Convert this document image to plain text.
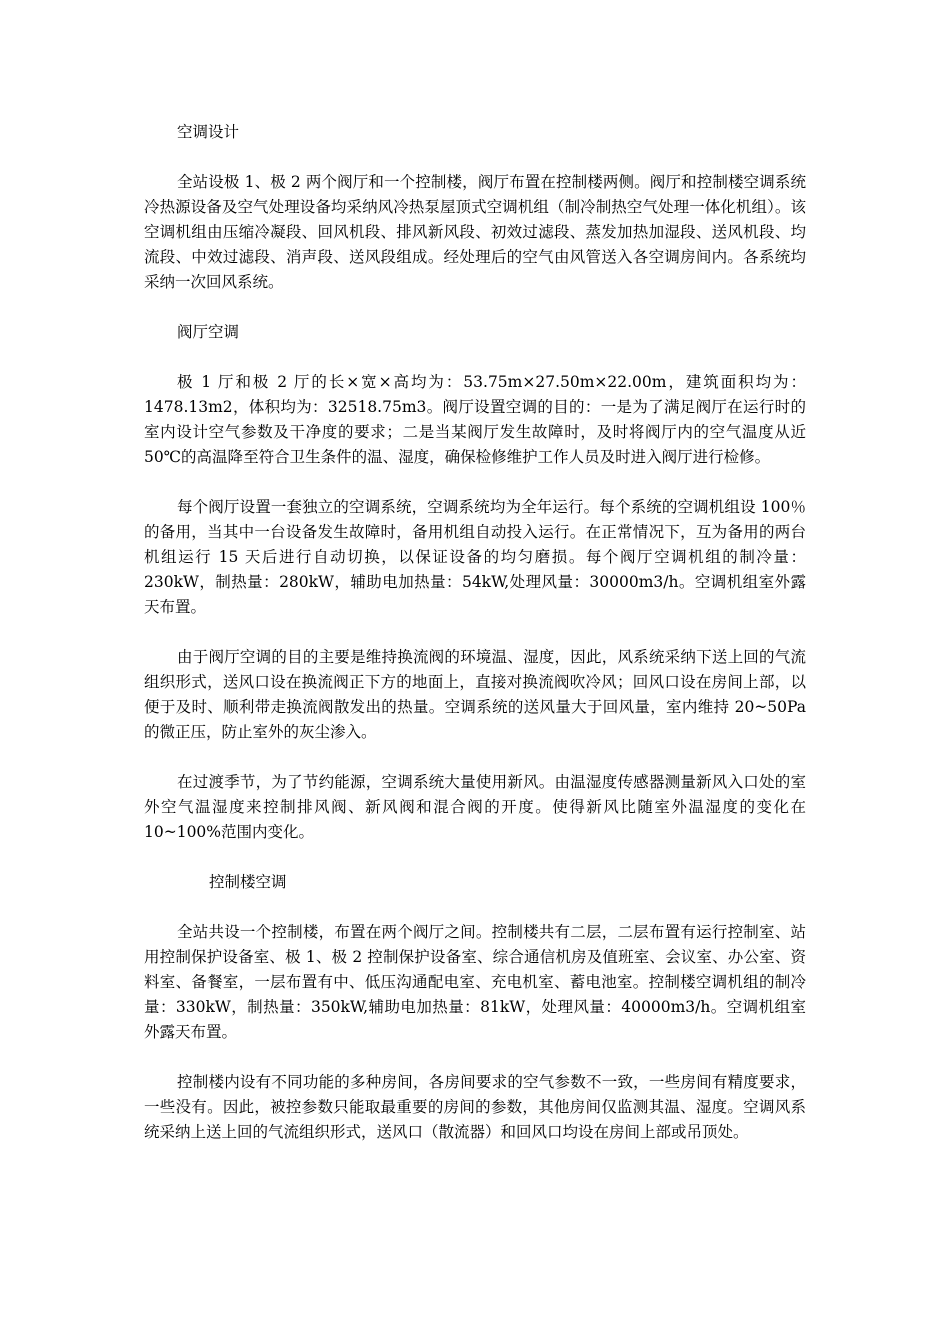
空调设计

全站设极 1、极 2 两个阀厅和一个控制楼，阀厅布置在控制楼两侧。阀厅和控制楼空调系统冷热源设备及空气处理设备均采纳风冷热泵屋顶式空调机组（制冷制热空气处理一体化机组）。该空调机组由压缩冷凝段、回风机段、排风新风段、初效过滤段、蒸发加热加湿段、送风机段、均流段、中效过滤段、消声段、送风段组成。经处理后的空气由风管送入各空调房间内。各系统均采纳一次回风系统。

阀厅空调

极 1 厅和极 2 厅的长×宽×高均为：53.75m×27.50m×22.00m，建筑面积均为：1478.13m2，体积均为：32518.75m3。阀厅设置空调的目的：一是为了满足阀厅在运行时的室内设计空气参数及干净度的要求；二是当某阀厅发生故障时，及时将阀厅内的空气温度从近 50℃的高温降至符合卫生条件的温、湿度，确保检修维护工作人员及时进入阀厅进行检修。

每个阀厅设置一套独立的空调系统，空调系统均为全年运行。每个系统的空调机组设 100％的备用，当其中一台设备发生故障时，备用机组自动投入运行。在正常情况下，互为备用的两台机组运行 15 天后进行自动切换，以保证设备的均匀磨损。每个阀厅空调机组的制冷量：230kW，制热量：280kW，辅助电加热量：54kW,处理风量：30000m3/h。空调机组室外露天布置。

由于阀厅空调的目的主要是维持换流阀的环境温、湿度，因此，风系统采纳下送上回的气流组织形式，送风口设在换流阀正下方的地面上，直接对换流阀吹冷风；回风口设在房间上部，以便于及时、顺利带走换流阀散发出的热量。空调系统的送风量大于回风量，室内维持 20~50Pa 的微正压，防止室外的灰尘渗入。

在过渡季节，为了节约能源，空调系统大量使用新风。由温湿度传感器测量新风入口处的室外空气温湿度来控制排风阀、新风阀和混合阀的开度。使得新风比随室外温湿度的变化在 10~100%范围内变化。

控制楼空调

全站共设一个控制楼，布置在两个阀厅之间。控制楼共有二层，二层布置有运行控制室、站用控制保护设备室、极 1、极 2 控制保护设备室、综合通信机房及值班室、会议室、办公室、资料室、备餐室，一层布置有中、低压沟通配电室、充电机室、蓄电池室。控制楼空调机组的制冷量：330kW，制热量：350kW,辅助电加热量：81kW，处理风量：40000m3/h。空调机组室外露天布置。

控制楼内设有不同功能的多种房间，各房间要求的空气参数不一致，一些房间有精度要求，一些没有。因此，被控参数只能取最重要的房间的参数，其他房间仅监测其温、湿度。空调风系统采纳上送上回的气流组织形式，送风口（散流器）和回风口均设在房间上部或吊顶处。
